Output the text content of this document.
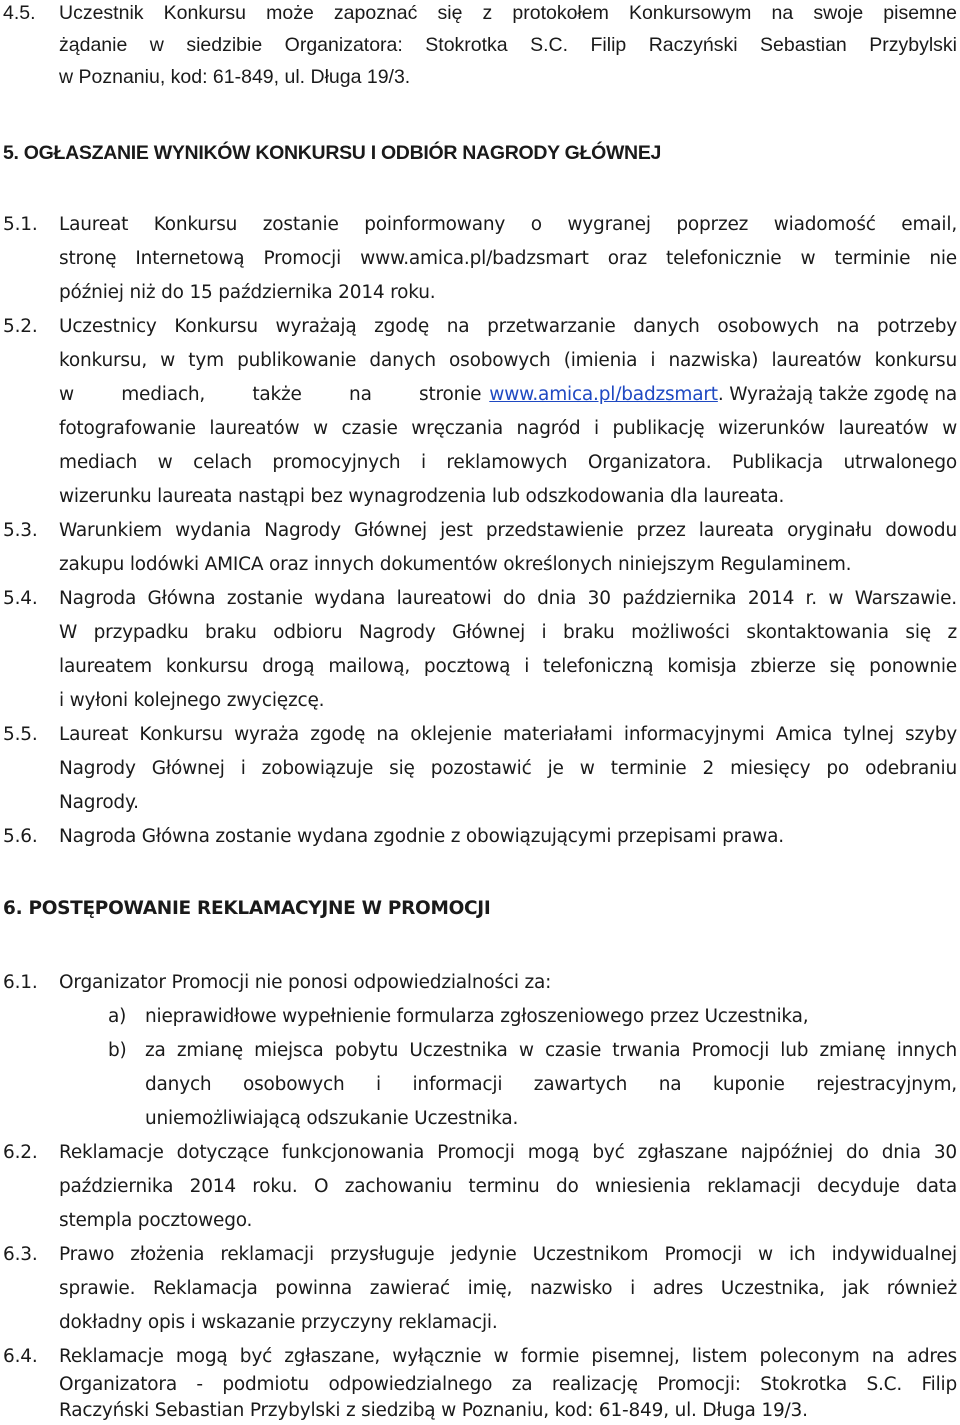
4.5. Uczestnik Konkursu może zapoznać się z protokołem Konkursowym na swoje pisemne
żądanie w siedzibie Organizatora: Stokrotka S.C. Filip Raczyński Sebastian Przybylski
w Poznaniu, kod: 61-849, ul. Długa 19/3.
5. OGŁASZANIE WYNIKÓW KONKURSU I ODBIÓR NAGRODY GŁÓWNEJ
5.1. Laureat Konkursu zostanie poinformowany o wygranej poprzez wiadomość email,
stronę Internetową Promocji www.amica.pl/badzsmart oraz telefonicznie w terminie nie
później niż do 15 października 2014 roku.
5.2. Uczestnicy Konkursu wyrażają zgodę na przetwarzanie danych osobowych na potrzeby
konkursu, w tym publikowanie danych osobowych (imienia i nazwiska) laureatów konkursu
w mediach, także na stronie www.amica.pl/badzsmart. Wyrażają także zgodę na
fotografowanie laureatów w czasie wręczania nagród i publikację wizerunków laureatów w
mediach w celach promocyjnych i reklamowych Organizatora. Publikacja utrwalonego
wizerunku laureata nastąpi bez wynagrodzenia lub odszkodowania dla laureata.
5.3. Warunkiem wydania Nagrody Głównej jest przedstawienie przez laureata oryginału dowodu
zakupu lodówki AMICA oraz innych dokumentów określonych niniejszym Regulaminem.
5.4. Nagroda Główna zostanie wydana laureatowi do dnia 30 października 2014 r. w Warszawie.
W przypadku braku odbioru Nagrody Głównej i braku możliwości skontaktowania się z
laureatem konkursu drogą mailową, pocztową i telefoniczną komisja zbierze się ponownie
i wyłoni kolejnego zwycięzcę.
5.5. Laureat Konkursu wyraża zgodę na oklejenie materiałami informacyjnymi Amica tylnej szyby
Nagrody Głównej i zobowiązuje się pozostawić je w terminie 2 miesięcy po odebraniu
Nagrody.
5.6. Nagroda Główna zostanie wydana zgodnie z obowiązującymi przepisami prawa.
6. POSTĘPOWANIE REKLAMACYJNE W PROMOCJI
6.1. Organizator Promocji nie ponosi odpowiedzialności za:
a) nieprawidłowe wypełnienie formularza zgłoszeniowego przez Uczestnika,
b) za zmianę miejsca pobytu Uczestnika w czasie trwania Promocji lub zmianę innych
danych osobowych i informacji zawartych na kuponie rejestracyjnym,
uniemożliwiającą odszukanie Uczestnika.
6.2. Reklamacje dotyczące funkcjonowania Promocji mogą być zgłaszane najpóźniej do dnia 30
października 2014 roku. O zachowaniu terminu do wniesienia reklamacji decyduje data
stempla pocztowego.
6.3. Prawo złożenia reklamacji przysługuje jedynie Uczestnikom Promocji w ich indywidualnej
sprawie. Reklamacja powinna zawierać imię, nazwisko i adres Uczestnika, jak również
dokładny opis i wskazanie przyczyny reklamacji.
6.4. Reklamacje mogą być zgłaszane, wyłącznie w formie pisemnej, listem poleconym na adres
Organizatora - podmiotu odpowiedzialnego za realizację Promocji: Stokrotka S.C. Filip
Raczyński Sebastian Przybylski z siedzibą w Poznaniu, kod: 61-849, ul. Długa 19/3.
